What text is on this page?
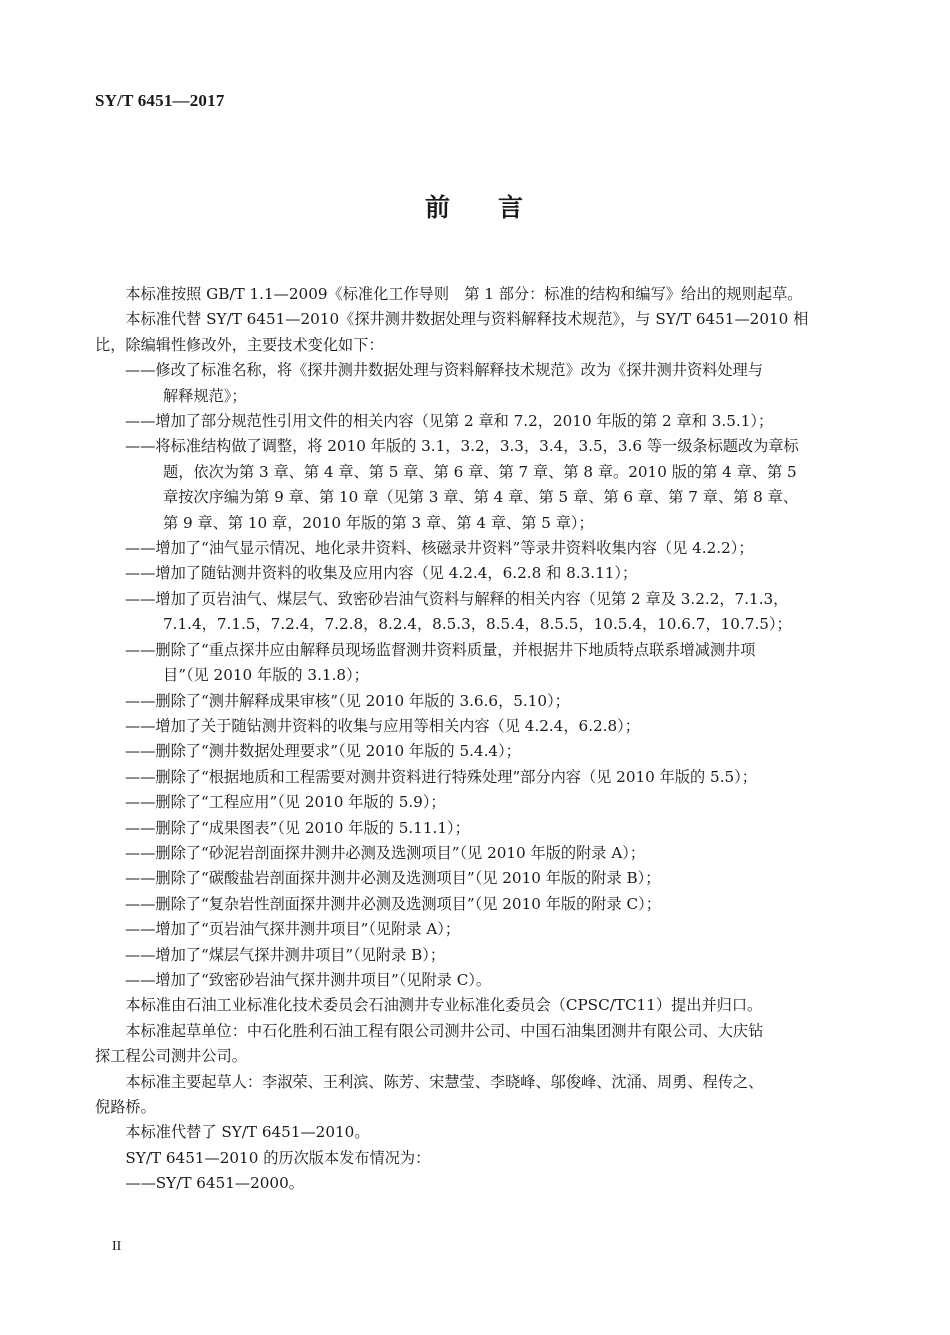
SY/T 6451—2017
前 言

本标准按照 GB/T 1.1—2009《标准化工作导则　第 1 部分：标准的结构和编写》给出的规则起草。

本标准代替 SY/T 6451—2010《探井测井数据处理与资料解释技术规范》，与 SY/T 6451—2010 相

比，除编辑性修改外，主要技术变化如下：

——修改了标准名称，将《探井测井数据处理与资料解释技术规范》改为《探井测井资料处理与

解释规范》；

——增加了部分规范性引用文件的相关内容（见第 2 章和 7.2，2010 年版的第 2 章和 3.5.1）；

——将标准结构做了调整，将 2010 年版的 3.1，3.2，3.3，3.4，3.5，3.6 等一级条标题改为章标

题，依次为第 3 章、第 4 章、第 5 章、第 6 章、第 7 章、第 8 章。2010 版的第 4 章、第 5

章按次序编为第 9 章、第 10 章（见第 3 章、第 4 章、第 5 章、第 6 章、第 7 章、第 8 章、

第 9 章、第 10 章，2010 年版的第 3 章、第 4 章、第 5 章）；

——增加了“油气显示情况、地化录井资料、核磁录井资料”等录井资料收集内容（见 4.2.2）；

——增加了随钻测井资料的收集及应用内容（见 4.2.4，6.2.8 和 8.3.11）；

——增加了页岩油气、煤层气、致密砂岩油气资料与解释的相关内容（见第 2 章及 3.2.2，7.1.3，

7.1.4，7.1.5，7.2.4，7.2.8，8.2.4，8.5.3，8.5.4，8.5.5，10.5.4，10.6.7，10.7.5）；

——删除了“重点探井应由解释员现场监督测井资料质量，并根据井下地质特点联系增减测井项

目”（见 2010 年版的 3.1.8）；

——删除了“测井解释成果审核”（见 2010 年版的 3.6.6，5.10）；

——增加了关于随钻测井资料的收集与应用等相关内容（见 4.2.4，6.2.8）；

——删除了“测井数据处理要求”（见 2010 年版的 5.4.4）；

——删除了“根据地质和工程需要对测井资料进行特殊处理”部分内容（见 2010 年版的 5.5）；

——删除了“工程应用”（见 2010 年版的 5.9）；

——删除了“成果图表”（见 2010 年版的 5.11.1）；

——删除了“砂泥岩剖面探井测井必测及选测项目”（见 2010 年版的附录 A）；

——删除了“碳酸盐岩剖面探井测井必测及选测项目”（见 2010 年版的附录 B）；

——删除了“复杂岩性剖面探井测井必测及选测项目”（见 2010 年版的附录 C）；

——增加了“页岩油气探井测井项目”（见附录 A）；

——增加了“煤层气探井测井项目”（见附录 B）；

——增加了“致密砂岩油气探井测井项目”（见附录 C）。

本标准由石油工业标准化技术委员会石油测井专业标准化委员会（CPSC/TC11）提出并归口。

本标准起草单位：中石化胜利石油工程有限公司测井公司、中国石油集团测井有限公司、大庆钻

探工程公司测井公司。

本标准主要起草人：李淑荣、王利滨、陈芳、宋慧莹、李晓峰、邬俊峰、沈涌、周勇、程传之、

倪路桥。

本标准代替了 SY/T 6451—2010。

SY/T 6451—2010 的历次版本发布情况为：

——SY/T 6451—2000。

II
